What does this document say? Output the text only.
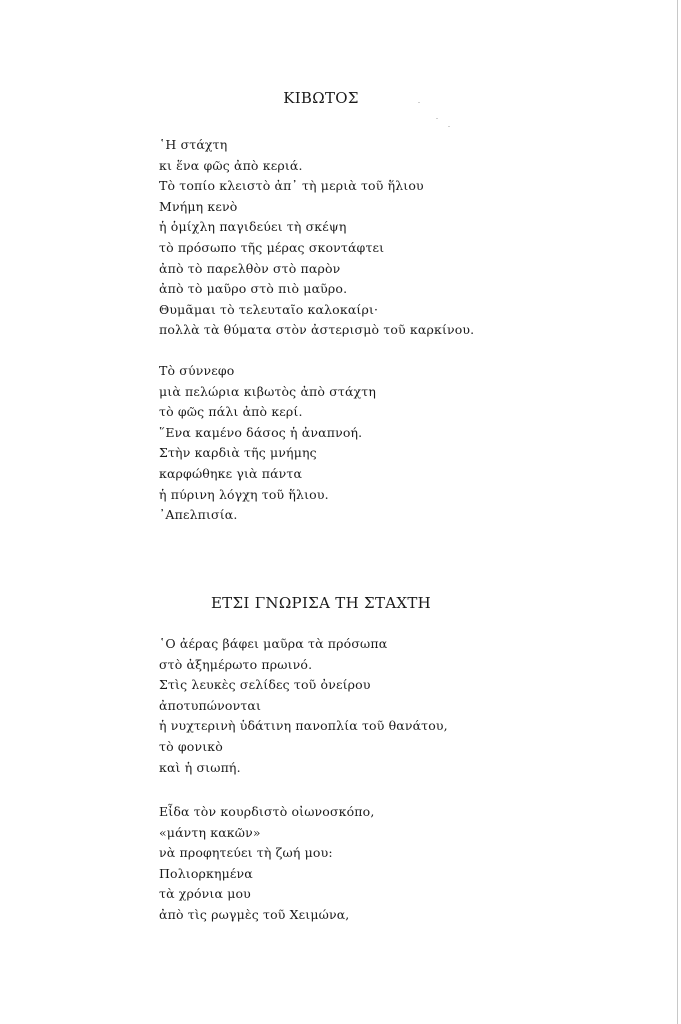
ΚΙΒΩΤΟΣ
῾Η στάχτη
κι ἕνα φῶς ἀπὸ κεριά.
Τὸ τοπίο κλειστὸ ἀπ᾽ τὴ μεριὰ τοῦ ἥλιου
Μνήμη κενὸ
ἡ ὁμίχλη παγιδεύει τὴ σκέψη
τὸ πρόσωπο τῆς μέρας σκοντάφτει
ἀπὸ τὸ παρελθὸν στὸ παρὸν
ἀπὸ τὸ μαῦρο στὸ πιὸ μαῦρο.
Θυμᾶμαι τὸ τελευταῖο καλοκαίρι·
πολλὰ τὰ θύματα στὸν ἀστερισμὸ τοῦ καρκίνου.
Τὸ σύννεφο
μιὰ πελώρια κιβωτὸς ἀπὸ στάχτη
τὸ φῶς πάλι ἀπὸ κερί.
῞Ενα καμένο δάσος ἡ ἀναπνοή.
Στὴν καρδιὰ τῆς μνήμης
καρφώθηκε γιὰ πάντα
ἡ πύρινη λόγχη τοῦ ἥλιου.
᾿Απελπισία.
ΕΤΣΙ ΓΝΩΡΙΣΑ ΤΗ ΣΤΑΧΤΗ
῾Ο ἀέρας βάφει μαῦρα τὰ πρόσωπα
στὸ ἀξημέρωτο πρωινό.
Στὶς λευκὲς σελίδες τοῦ ὀνείρου
ἀποτυπώνονται
ἡ νυχτερινὴ ὑδάτινη πανοπλία τοῦ θανάτου,
τὸ φονικὸ
καὶ ἡ σιωπή.
Εἶδα τὸν κουρδιστὸ οἰωνοσκόπο,
«μάντη κακῶν»
νὰ προφητεύει τὴ ζωή μου:
Πολιορκημένα
τὰ χρόνια μου
ἀπὸ τὶς ρωγμὲς τοῦ Χειμώνα,
